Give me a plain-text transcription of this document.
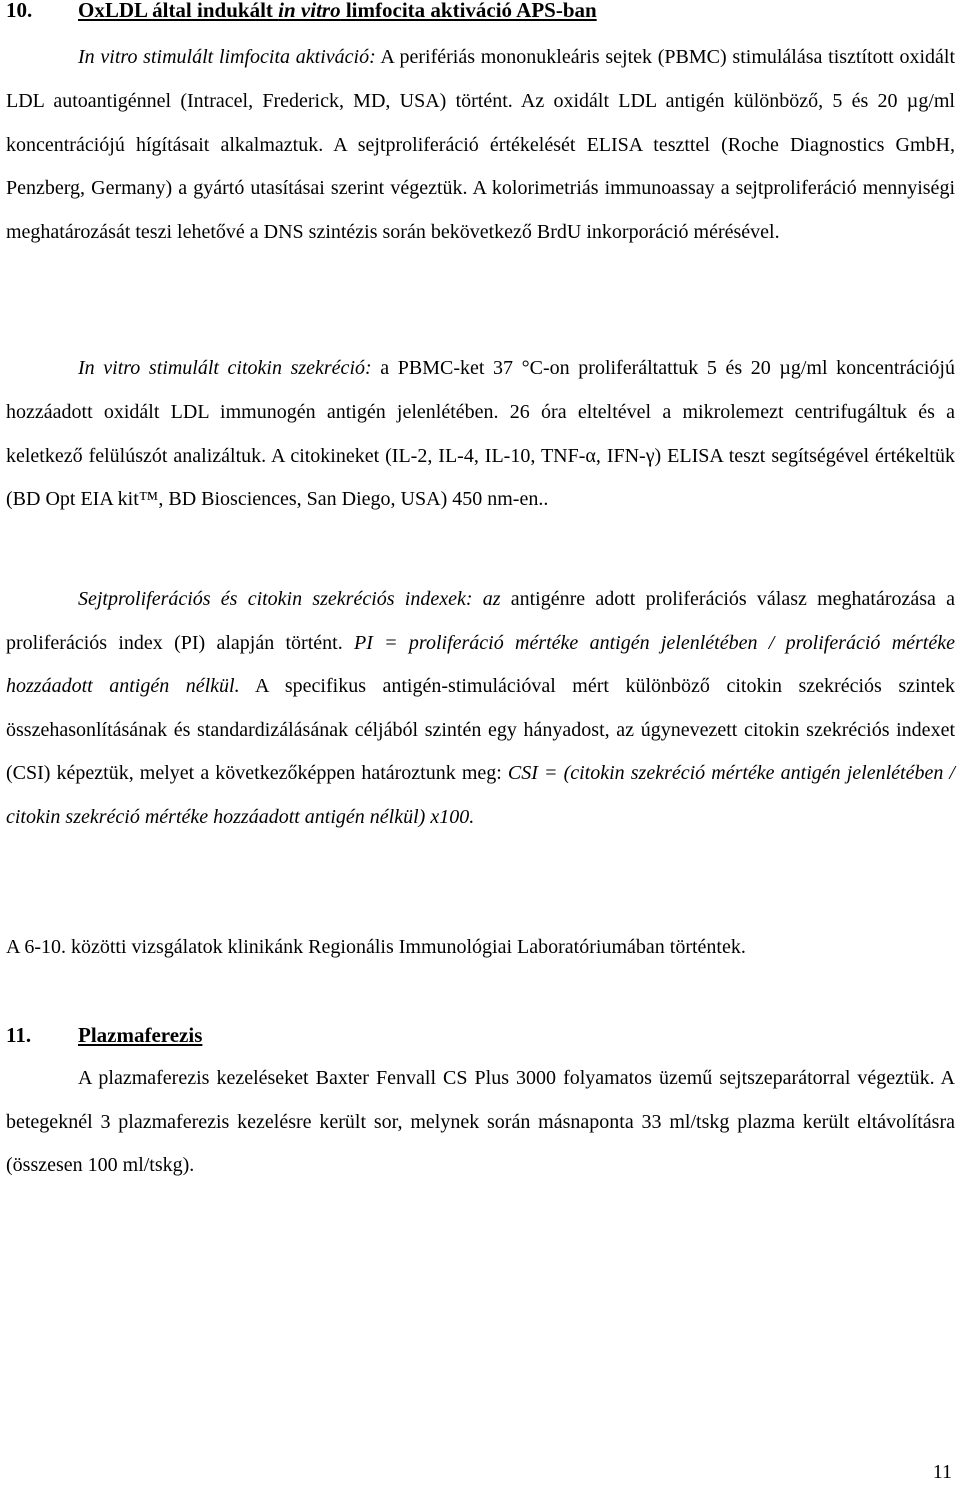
10. OxLDL által indukált in vitro limfocita aktiváció APS-ban

In vitro stimulált limfocita aktiváció: A perifériás mononukleáris sejtek (PBMC) stimulálása tisztított oxidált LDL autoantigénnel (Intracel, Frederick, MD, USA) történt. Az oxidált LDL antigén különböző, 5 és 20 µg/ml koncentrációjú hígításait alkalmaztuk. A sejtproliferáció értékelését ELISA teszttel (Roche Diagnostics GmbH, Penzberg, Germany) a gyártó utasításai szerint végeztük. A kolorimetriás immunoassay a sejtproliferáció mennyiségi meghatározását teszi lehetővé a DNS szintézis során bekövetkező BrdU inkorporáció mérésével.

In vitro stimulált citokin szekréció: a PBMC-ket 37 °C-on proliferáltattuk 5 és 20 µg/ml koncentrációjú hozzáadott oxidált LDL immunogén antigén jelenlétében. 26 óra elteltével a mikrolemezt centrifugáltuk és a keletkező felülúszót analizáltuk. A citokineket (IL-2, IL-4, IL-10, TNF-α, IFN-γ) ELISA teszt segítségével értékeltük (BD Opt EIA kit™, BD Biosciences, San Diego, USA) 450 nm-en..

Sejtproliferációs és citokin szekréciós indexek: az antigénre adott proliferációs válasz meghatározása a proliferációs index (PI) alapján történt. PI = proliferáció mértéke antigén jelenlétében / proliferáció mértéke hozzáadott antigén nélkül. A specifikus antigén-stimulációval mért különböző citokin szekréciós szintek összehasonlításának és standardizálásának céljából szintén egy hányadost, az úgynevezett citokin szekréciós indexet (CSI) képeztük, melyet a következőképpen határoztunk meg: CSI = (citokin szekréció mértéke antigén jelenlétében / citokin szekréció mértéke hozzáadott antigén nélkül) x100.

A 6-10. közötti vizsgálatok klinikánk Regionális Immunológiai Laboratóriumában történtek.

11. Plazmaferezis

A plazmaferezis kezeléseket Baxter Fenvall CS Plus 3000 folyamatos üzemű sejtszeparátorral végeztük. A betegeknél 3 plazmaferezis kezelésre került sor, melynek során másnaponta 33 ml/tskg plazma került eltávolításra (összesen 100 ml/tskg).

11
